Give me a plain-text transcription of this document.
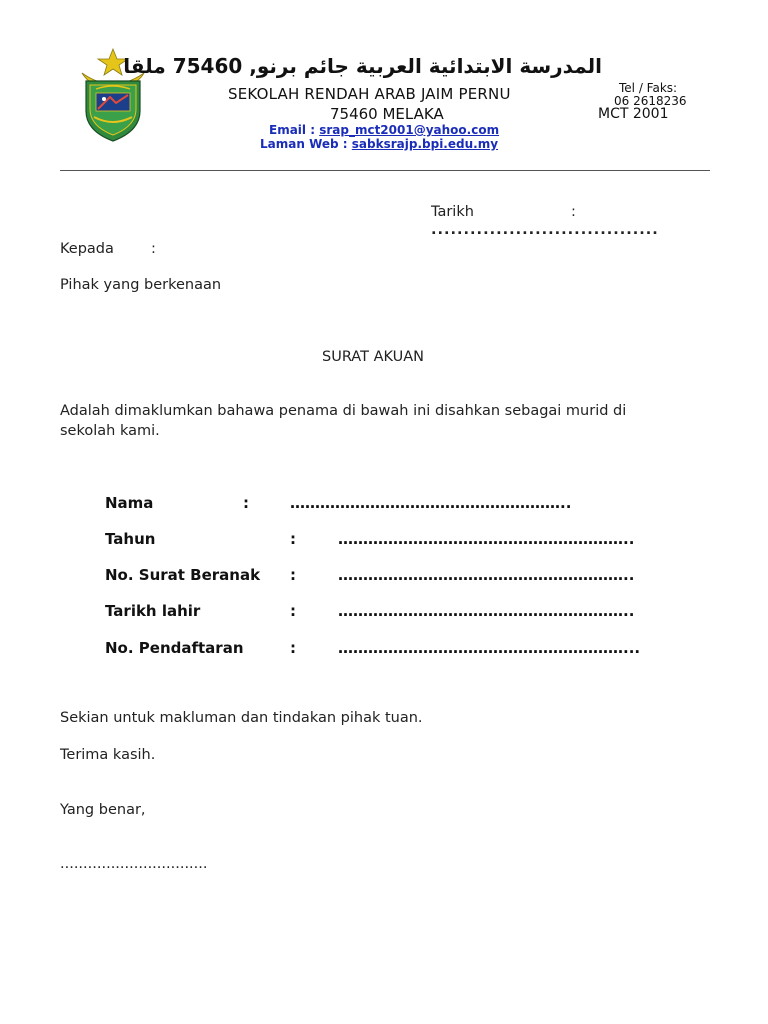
المدرسة الابتدائية العربية جائم برنو, 75460 ملقا
SEKOLAH RENDAH ARAB JAIM PERNU
75460 MELAKA
Email : srap_mct2001@yahoo.com
Laman Web : sabksrajp.bpi.edu.my
Tel / Faks:
06 2618236
MCT 2001
Tarikh	:
...................................
Kepada	:
Pihak yang berkenaan
SURAT AKUAN
Adalah dimaklumkan bahawa penama di bawah ini disahkan sebagai murid di
sekolah kami.
Nama	:	………………………………………………..
Tahun	:	…………………………………………………..
No. Surat Beranak :	…………………………………………………..
Tarikh lahir	:	…………………………………………………..
No. Pendaftaran	:	…………………………………………………...
Sekian untuk makluman dan tindakan pihak tuan.
Terima kasih.
Yang benar,
................................
